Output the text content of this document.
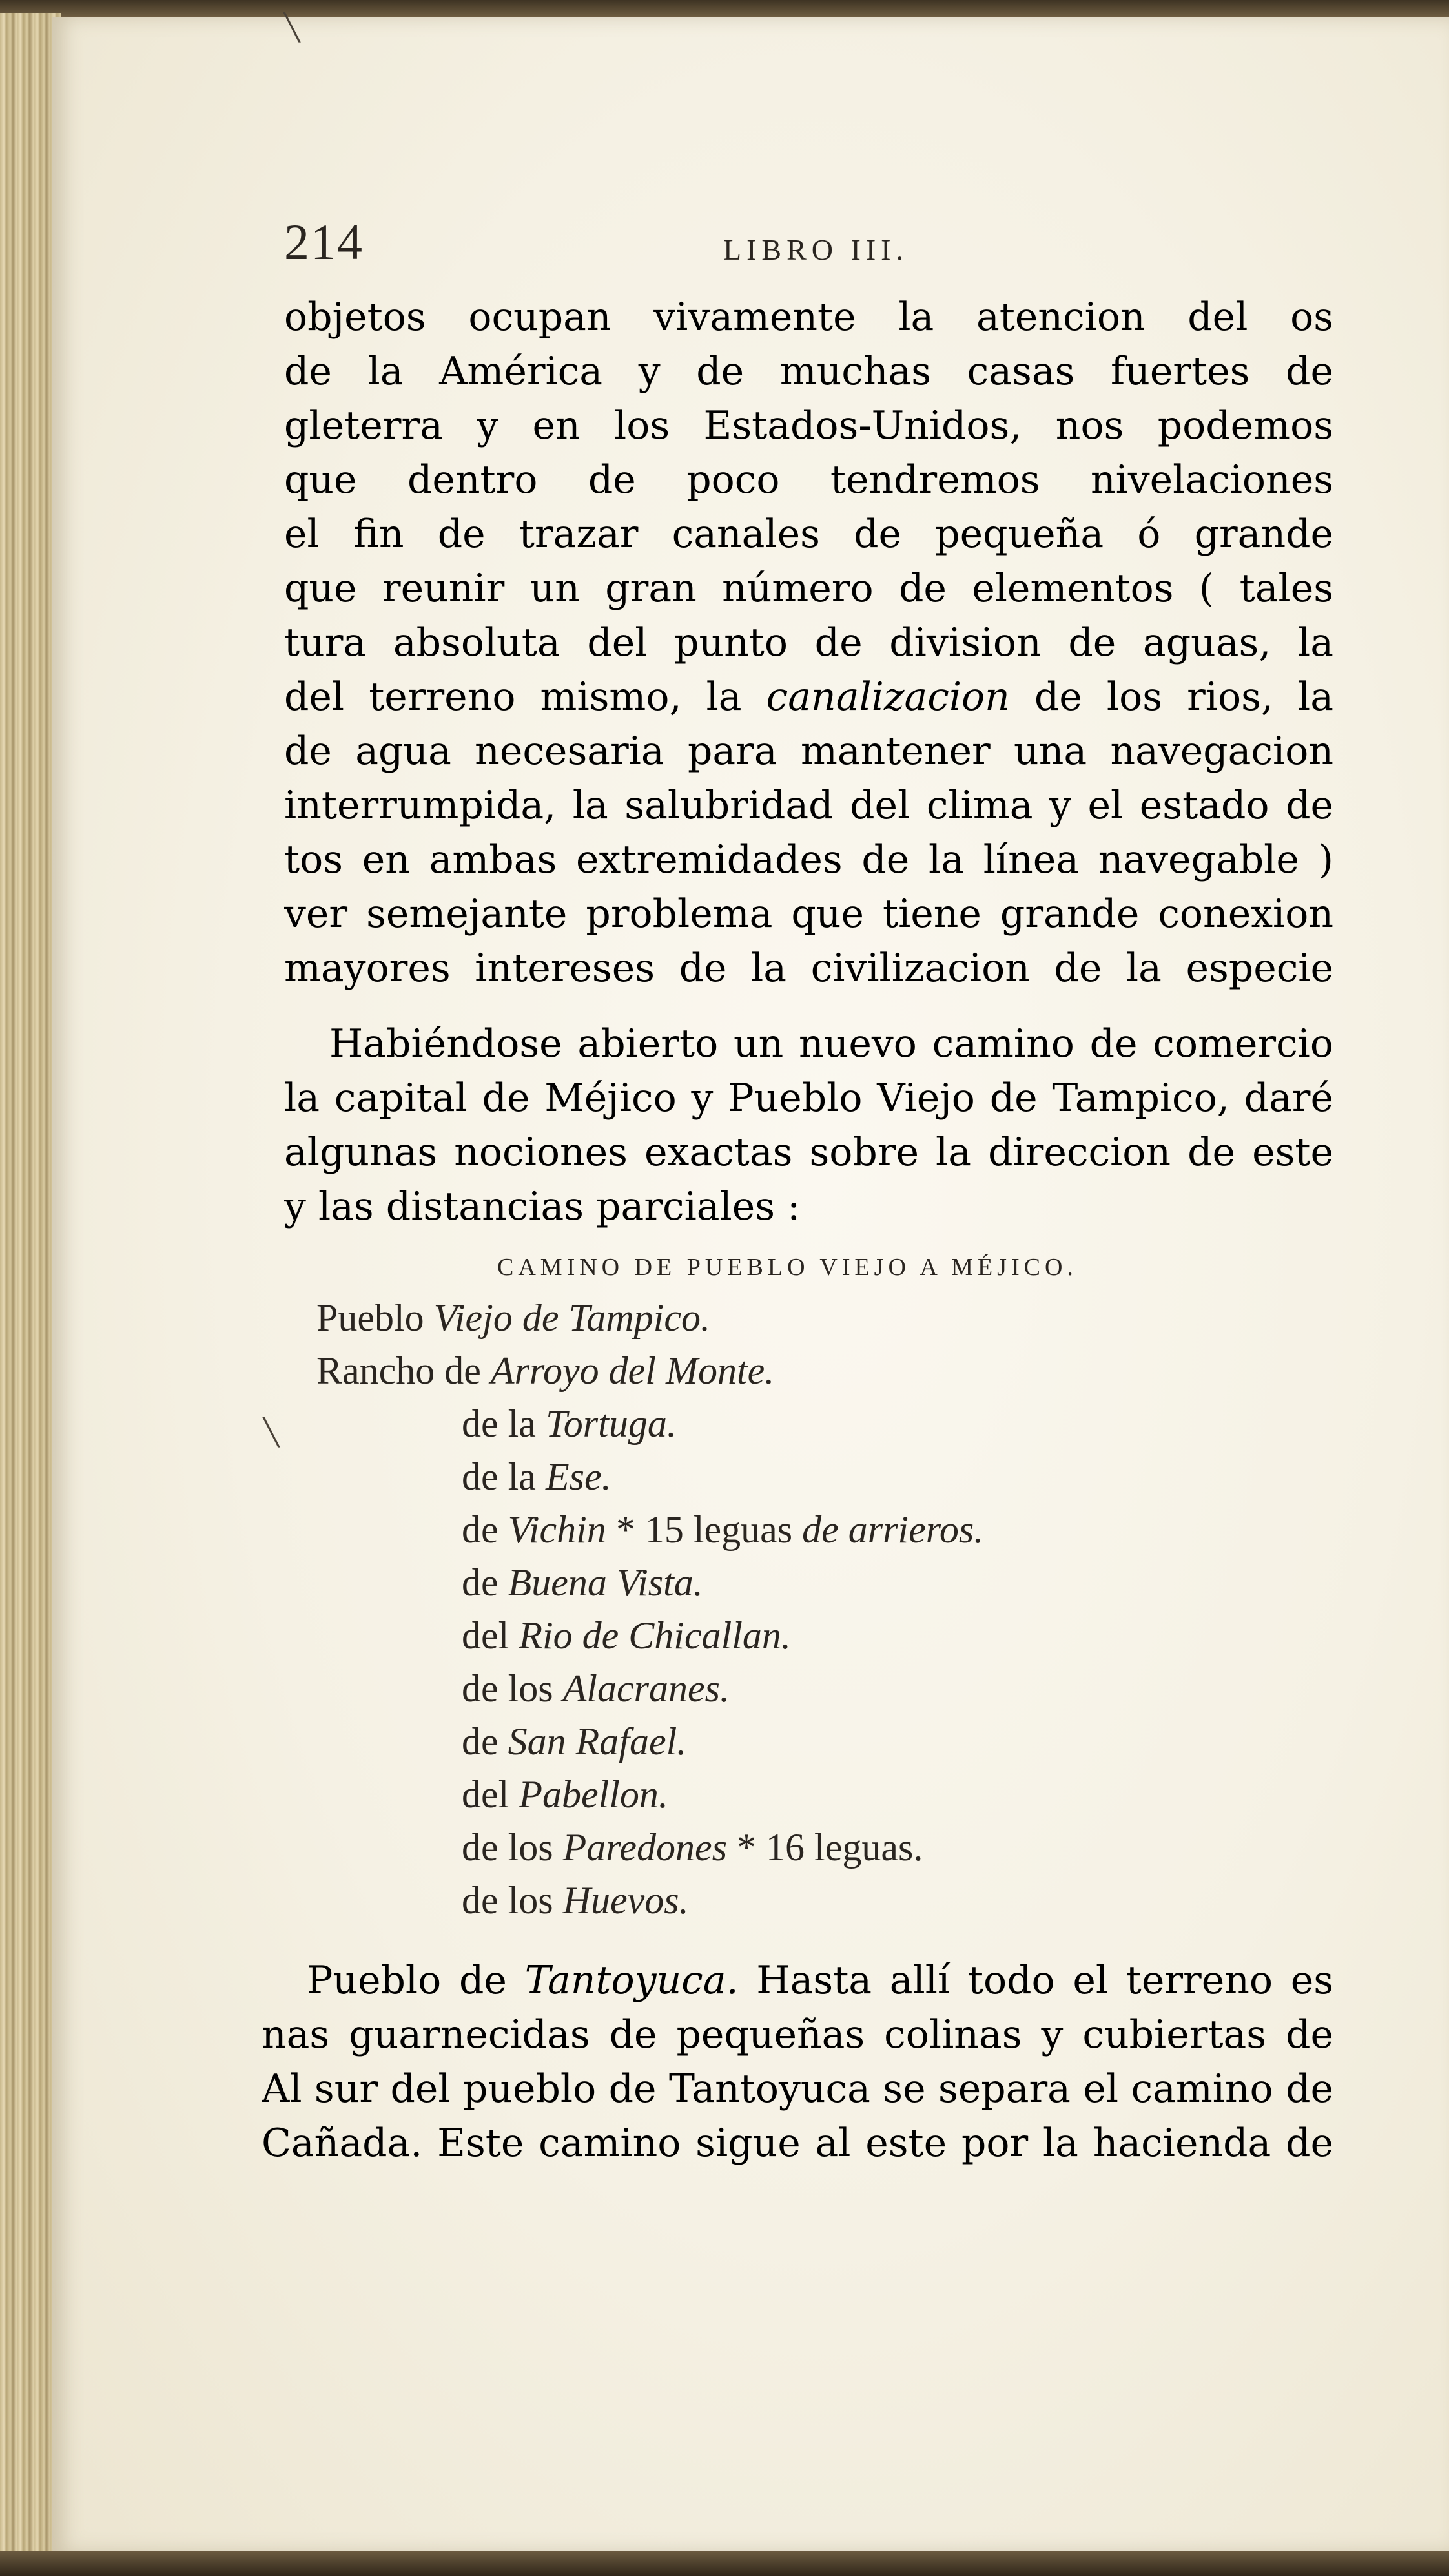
214	LIBRO III.
objetos ocupan vivamente la atencion del os
de la América y de muchas casas fuertes de
gleterra y en los Estados-Unidos, nos podemos
que dentro de poco tendremos nivelaciones
el fin de trazar canales de pequeña ó grande
que reunir un gran número de elementos ( tales
tura absoluta del punto de division de aguas, la
del terreno mismo, la canalizacion de los rios, la
de agua necesaria para mantener una navegacion
interrumpida, la salubridad del clima y el estado de
tos en ambas extremidades de la línea navegable )
ver semejante problema que tiene grande conexion
mayores intereses de la civilizacion de la especie
Habiéndose abierto un nuevo camino de comercio
la capital de Méjico y Pueblo Viejo de Tampico, daré
algunas nociones exactas sobre la direccion de este
y las distancias parciales :
CAMINO DE PUEBLO VIEJO A MÉJICO.
Pueblo Viejo de Tampico.
Rancho de Arroyo del Monte.
de la Tortuga.
de la Ese.
de Vichin * 15 leguas de arrieros.
de Buena Vista.
del Rio de Chicallan.
de los Alacranes.
de San Rafael.
del Pabellon.
de los Paredones * 16 leguas.
de los Huevos.
Pueblo de Tantoyuca. Hasta allí todo el terreno es
nas guarnecidas de pequeñas colinas y cubiertas de
Al sur del pueblo de Tantoyuca se separa el camino de
Cañada. Este camino sigue al este por la hacienda de
╲
╲
